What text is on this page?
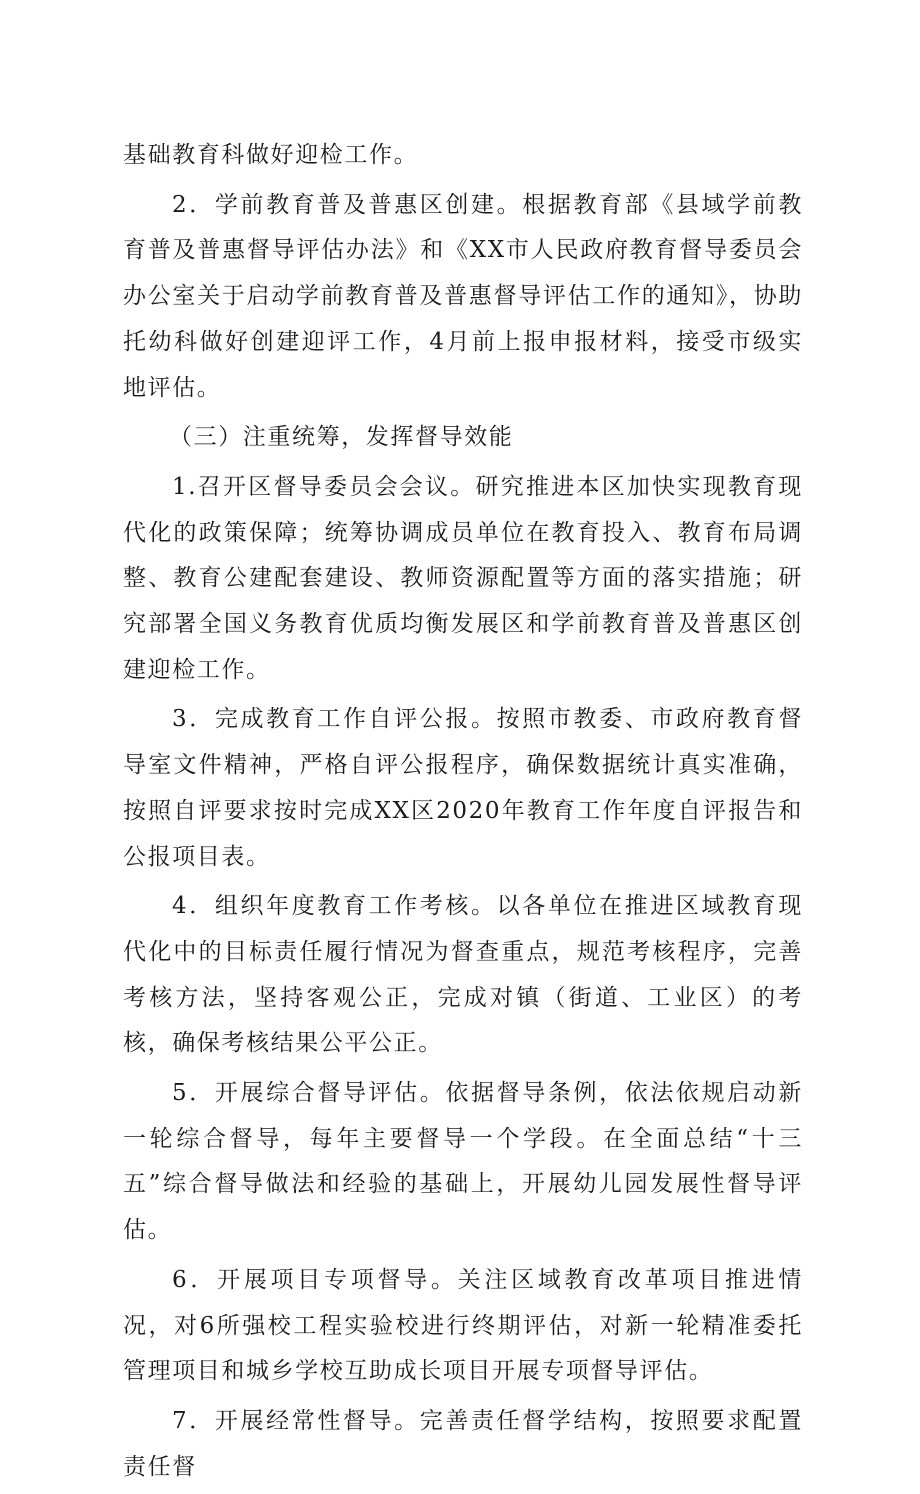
基础教育科做好迎检工作。

2．学前教育普及普惠区创建。根据教育部《县域学前教育普及普惠督导评估办法》和《XX市人民政府教育督导委员会办公室关于启动学前教育普及普惠督导评估工作的通知》，协助托幼科做好创建迎评工作，4月前上报申报材料，接受市级实地评估。

（三）注重统筹，发挥督导效能

1.召开区督导委员会会议。研究推进本区加快实现教育现代化的政策保障；统筹协调成员单位在教育投入、教育布局调整、教育公建配套建设、教师资源配置等方面的落实措施；研究部署全国义务教育优质均衡发展区和学前教育普及普惠区创建迎检工作。

3．完成教育工作自评公报。按照市教委、市政府教育督导室文件精神，严格自评公报程序，确保数据统计真实准确，按照自评要求按时完成XX区2020年教育工作年度自评报告和公报项目表。

4．组织年度教育工作考核。以各单位在推进区域教育现代化中的目标责任履行情况为督查重点，规范考核程序，完善考核方法，坚持客观公正，完成对镇（街道、工业区）的考核，确保考核结果公平公正。

5．开展综合督导评估。依据督导条例，依法依规启动新一轮综合督导，每年主要督导一个学段。在全面总结“十三五”综合督导做法和经验的基础上，开展幼儿园发展性督导评估。

6．开展项目专项督导。关注区域教育改革项目推进情况，对6所强校工程实验校进行终期评估，对新一轮精准委托管理项目和城乡学校互助成长项目开展专项督导评估。

7．开展经常性督导。完善责任督学结构，按照要求配置责任督
